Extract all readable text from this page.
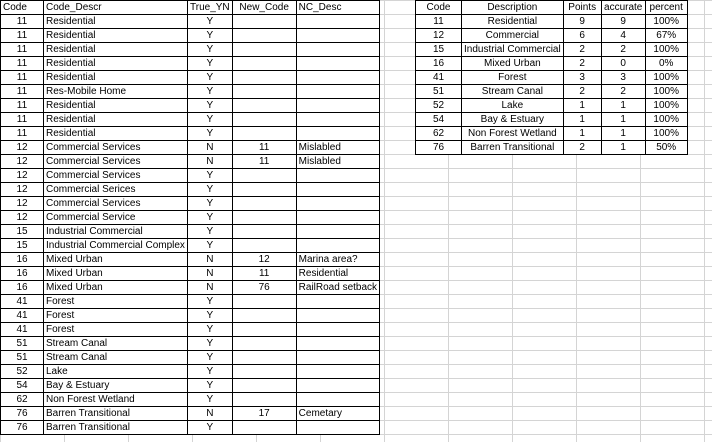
Code	Code_Descr	True_YN	New_Code	NC_Desc
11	Residential	Y		
11	Residential	Y		
11	Residential	Y		
11	Residential	Y		
11	Residential	Y		
11	Res-Mobile Home	Y		
11	Residential	Y		
11	Residential	Y		
11	Residential	Y		
12	Commercial Services	N	11	Mislabled
12	Commercial Services	N	11	Mislabled
12	Commercial Services	Y		
12	Commercial Serices	Y		
12	Commercial Services	Y		
12	Commercial Service	Y		
15	Industrial Commercial	Y		
15	Industrial Commercial Complex	Y		
16	Mixed Urban	N	12	Marina area?
16	Mixed Urban	N	11	Residential
16	Mixed Urban	N	76	RailRoad setback
41	Forest	Y		
41	Forest	Y		
41	Forest	Y		
51	Stream Canal	Y		
51	Stream Canal	Y		
52	Lake	Y		
54	Bay & Estuary	Y		
62	Non Forest Wetland	Y		
76	Barren Transitional	N	17	Cemetary
76	Barren Transitional	Y		
Code	Description	Points	accurate	percent
11	Residential	9	9	100%
12	Commercial	6	4	67%
15	Industrial Commercial	2	2	100%
16	Mixed Urban	2	0	0%
41	Forest	3	3	100%
51	Stream Canal	2	2	100%
52	Lake	1	1	100%
54	Bay & Estuary	1	1	100%
62	Non Forest Wetland	1	1	100%
76	Barren Transitional	2	1	50%
